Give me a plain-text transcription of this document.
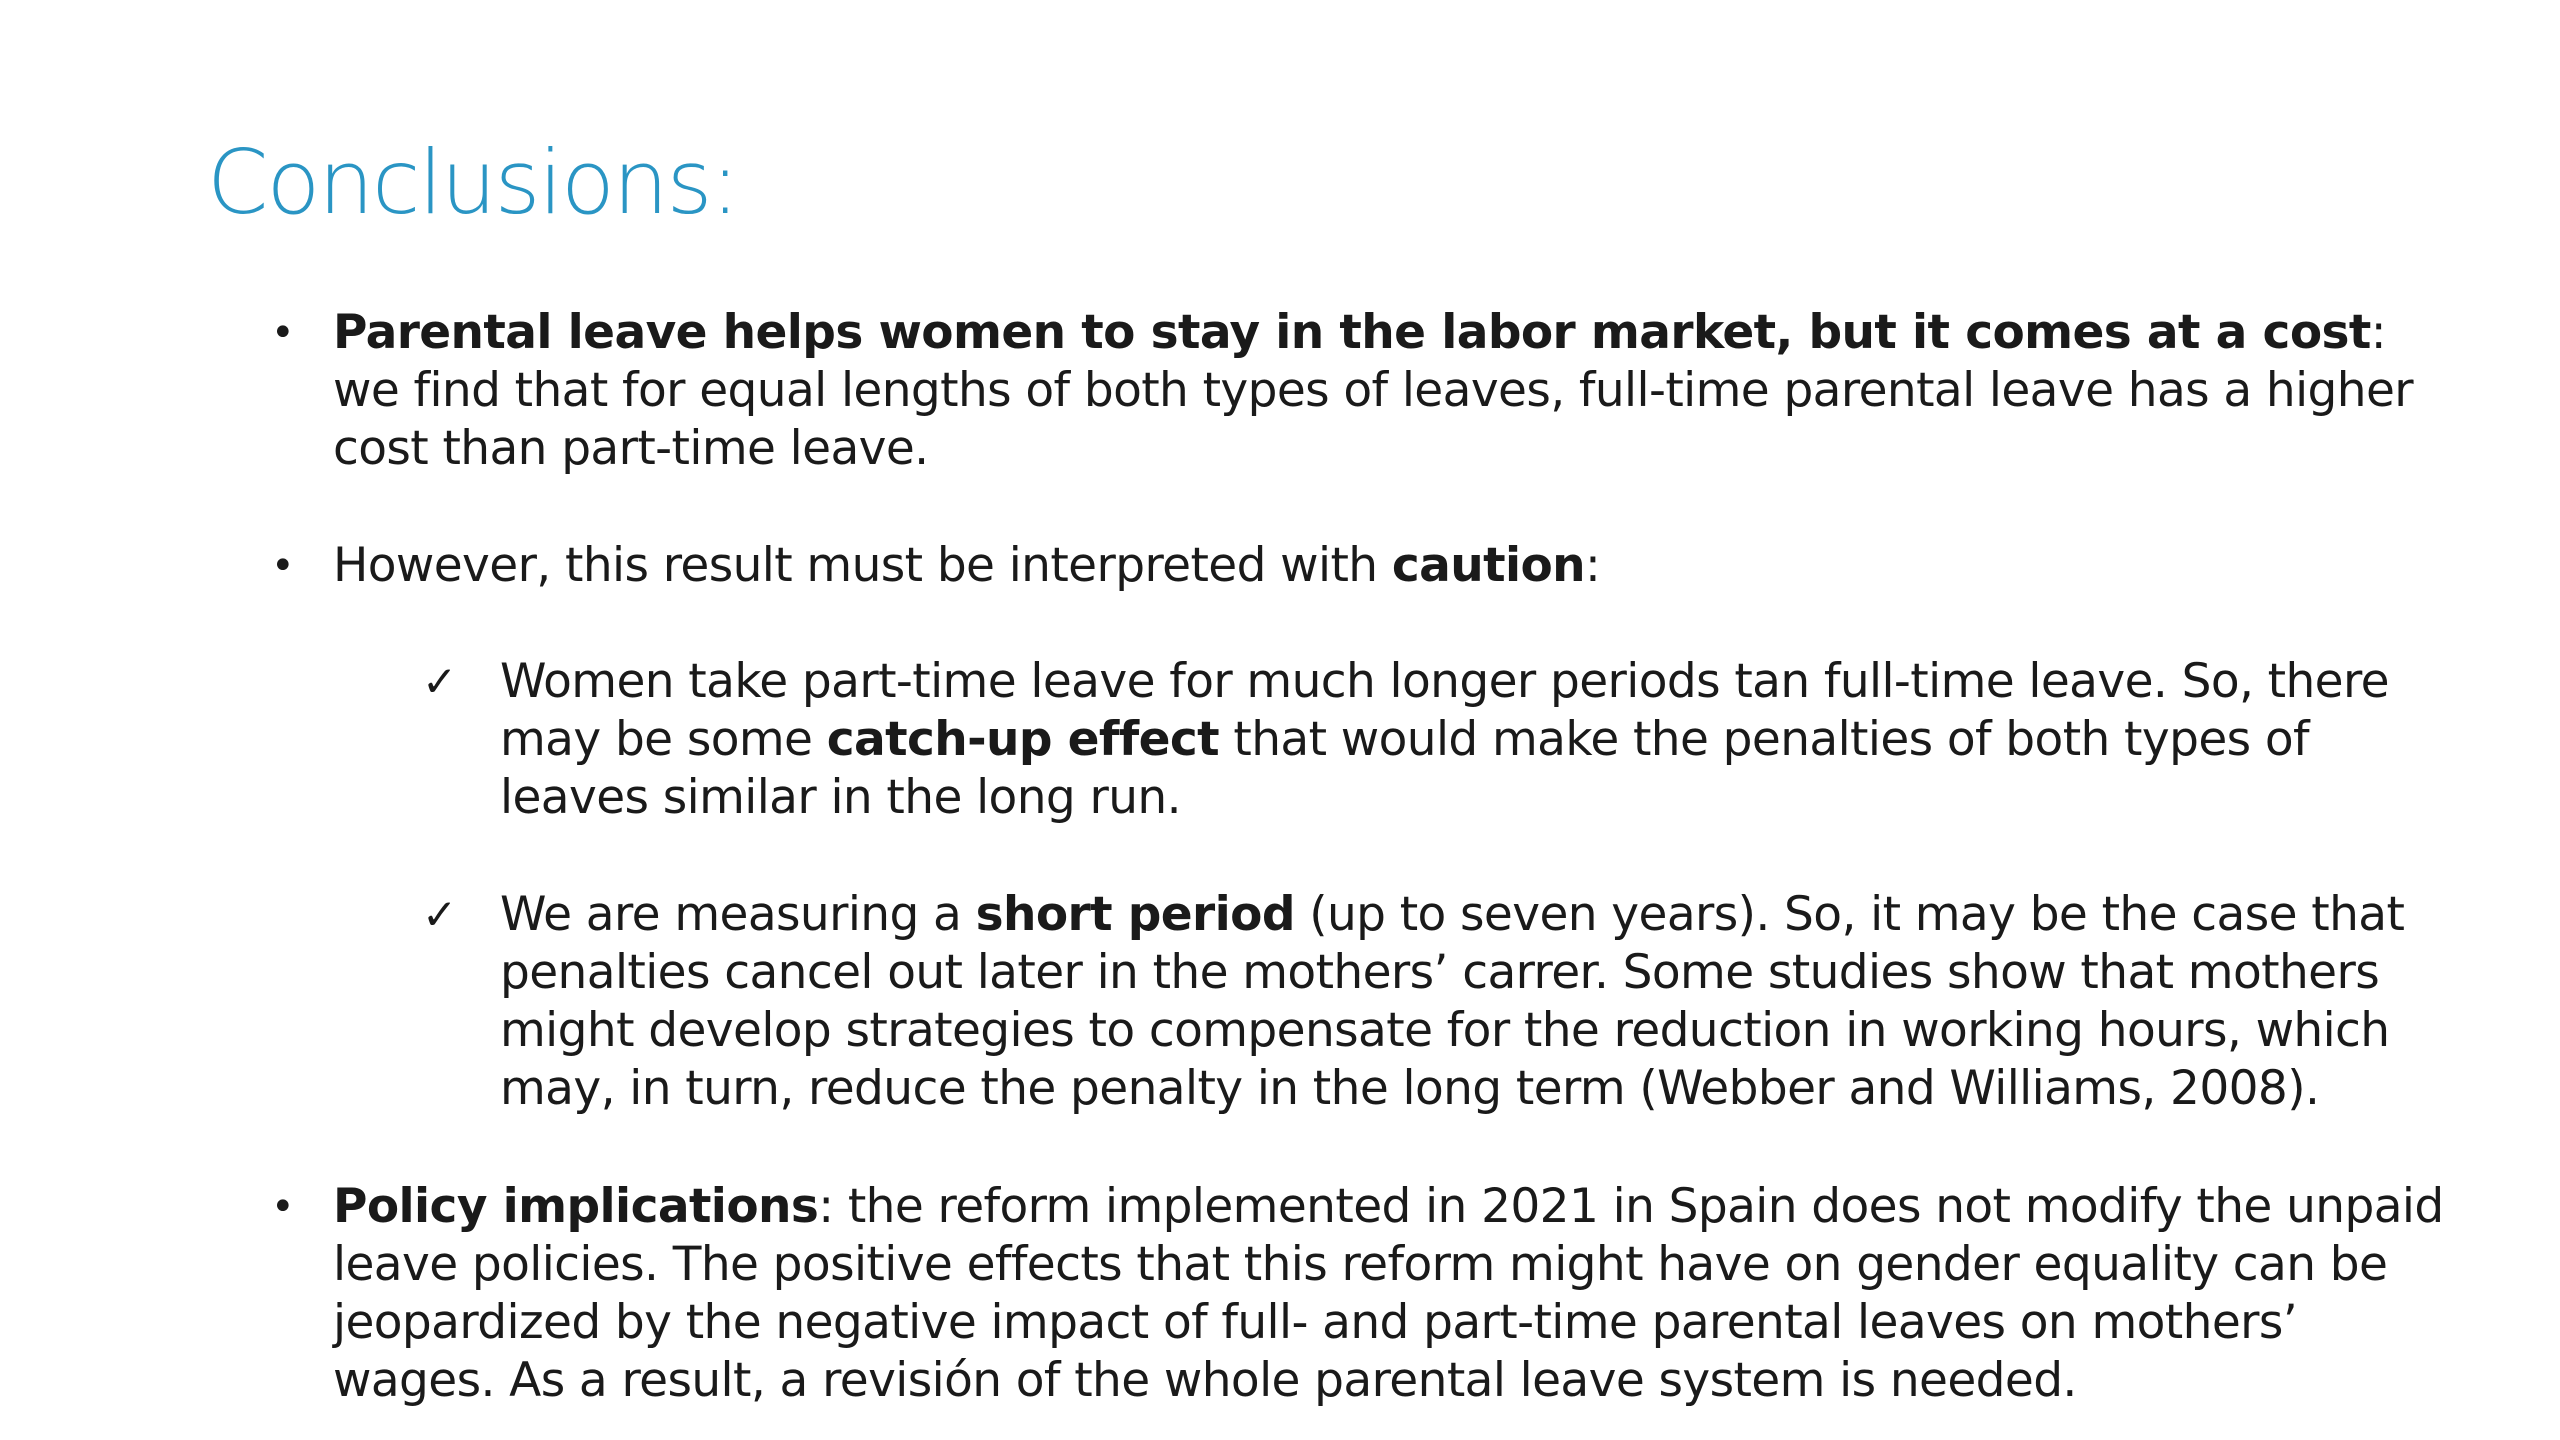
Conclusions:
• Parental leave helps women to stay in the labor market, but it comes at a cost: we find that for equal lengths of both types of leaves, full-time parental leave has a higher cost than part-time leave.
• However, this result must be interpreted with caution:
✓ Women take part-time leave for much longer periods tan full-time leave. So, there may be some catch-up effect that would make the penalties of both types of leaves similar in the long run.
✓ We are measuring a short period (up to seven years). So, it may be the case that penalties cancel out later in the mothers’ carrer. Some studies show that mothers might develop strategies to compensate for the reduction in working hours, which may, in turn, reduce the penalty in the long term (Webber and Williams, 2008).
• Policy implications: the reform implemented in 2021 in Spain does not modify the unpaid leave policies. The positive effects that this reform might have on gender equality can be jeopardized by the negative impact of full- and part-time parental leaves on mothers’ wages. As a result, a revisión of the whole parental leave system is needed.
